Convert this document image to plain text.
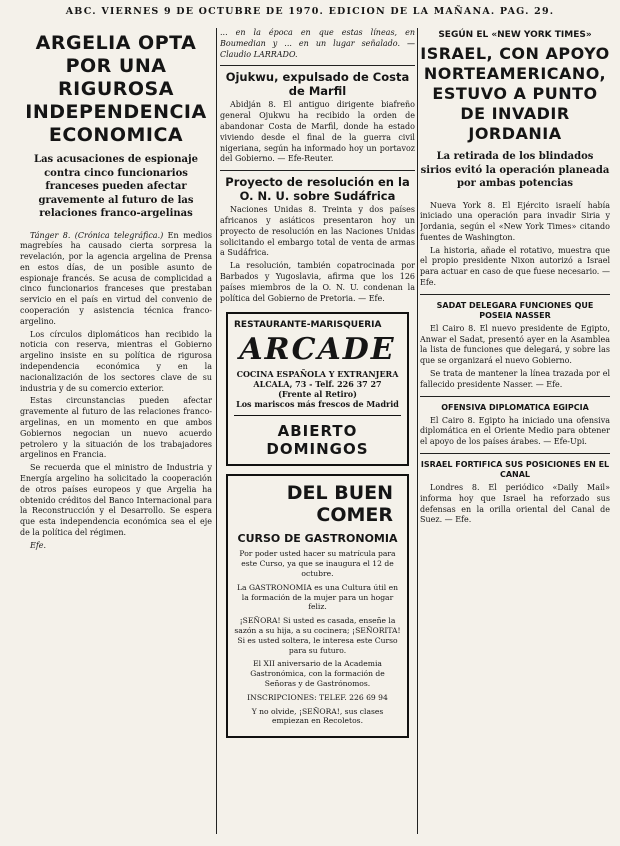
ABC. VIERNES 9 DE OCTUBRE DE 1970. EDICION DE LA MAÑANA. PAG. 29.
ARGELIA OPTA POR UNA RIGUROSA INDEPENDENCIA ECONOMICA
Las acusaciones de espionaje contra cinco funcionarios franceses pueden afectar gravemente al futuro de las relaciones franco-argelinas

Tánger 8. (Crónica telegráfica.) En medios magrebíes ha causado cierta sorpresa la revelación, por la agencia argelina de Prensa en estos días, de un posible asunto de espionaje francés. Se acusa de complicidad a cinco funcionarios franceses que prestaban servicio en el país en virtud del convenio de cooperación y asistencia técnica franco-argelino.

Los círculos diplomáticos han recibido la noticia con reserva, mientras el Gobierno argelino insiste en su política de rigurosa independencia económica y en la nacionalización de los sectores clave de su industria y de su comercio exterior.

Estas circunstancias pueden afectar gravemente al futuro de las relaciones franco-argelinas, en un momento en que ambos Gobiernos negocian un nuevo acuerdo petrolero y la situación de los trabajadores argelinos en Francia.

Se recuerda que el ministro de Industria y Energía argelino ha solicitado la cooperación de otros países europeos y que Argelia ha obtenido créditos del Banco Internacional para la Reconstrucción y el Desarrollo. Se espera que esta independencia económica sea el eje de la política del régimen.

Efe.

... en la época en que estas líneas, en Boumedian y ... en un lugar señalado. — Claudio LARRADO.
Ojukwu, expulsado de Costa de Marfil

Abidján 8. El antiguo dirigente biafreño general Ojukwu ha recibido la orden de abandonar Costa de Marfil, donde ha estado viviendo desde el final de la guerra civil nigeriana, según ha informado hoy un portavoz del Gobierno. — Efe-Reuter.

Proyecto de resolución en la O. N. U. sobre Sudáfrica

Naciones Unidas 8. Treinta y dos países africanos y asiáticos presentaron hoy un proyecto de resolución en las Naciones Unidas solicitando el embargo total de venta de armas a Sudáfrica.

La resolución, también copatrocinada por Barbados y Yugoslavia, afirma que los 126 países miembros de la O. N. U. condenan la política del Gobierno de Pretoria. — Efe.

RESTAURANTE-MARISQUERIA
ARCADE
COCINA ESPAÑOLA Y EXTRANJERA
ALCALA, 73 - Telf. 226 37 27
(Frente al Retiro)
Los mariscos más frescos de Madrid
ABIERTO DOMINGOS
DEL BUEN
COMER
CURSO DE GASTRONOMIA

Por poder usted hacer su matrícula para este Curso, ya que se inaugura el 12 de octubre.

La GASTRONOMIA es una Cultura útil en la formación de la mujer para un hogar feliz.

¡SEÑORA! Si usted es casada, enseñe la sazón a su hija, a su cocinera; ¡SEÑORITA! Si es usted soltera, le interesa este Curso para su futuro.

El XII aniversario de la Academia Gastronómica, con la formación de Señoras y de Gastrónomos.

INSCRIPCIONES: TELEF. 226 69 94

Y no olvide, ¡SEÑORA!, sus clases empiezan en Recoletos.

SEGÚN EL «NEW YORK TIMES»
ISRAEL, CON APOYO NORTEAMERICANO, ESTUVO A PUNTO DE INVADIR JORDANIA
La retirada de los blindados sirios evitó la operación planeada por ambas potencias

Nueva York 8. El Ejército israelí había iniciado una operación para invadir Siria y Jordania, según el «New York Times» citando fuentes de Washington.

La historia, añade el rotativo, muestra que el propio presidente Nixon autorizó a Israel para actuar en caso de que fuese necesario. — Efe.

SADAT DELEGARA FUNCIONES QUE POSEIA NASSER

El Cairo 8. El nuevo presidente de Egipto, Anwar el Sadat, presentó ayer en la Asamblea la lista de funciones que delegará, y sobre las que se organizará el nuevo Gobierno.

Se trata de mantener la línea trazada por el fallecido presidente Nasser. — Efe.

OFENSIVA DIPLOMATICA EGIPCIA

El Cairo 8. Egipto ha iniciado una ofensiva diplomática en el Oriente Medio para obtener el apoyo de los países árabes. — Efe-Upi.

ISRAEL FORTIFICA SUS POSICIONES EN EL CANAL

Londres 8. El periódico «Daily Mail» informa hoy que Israel ha reforzado sus defensas en la orilla oriental del Canal de Suez. — Efe.
